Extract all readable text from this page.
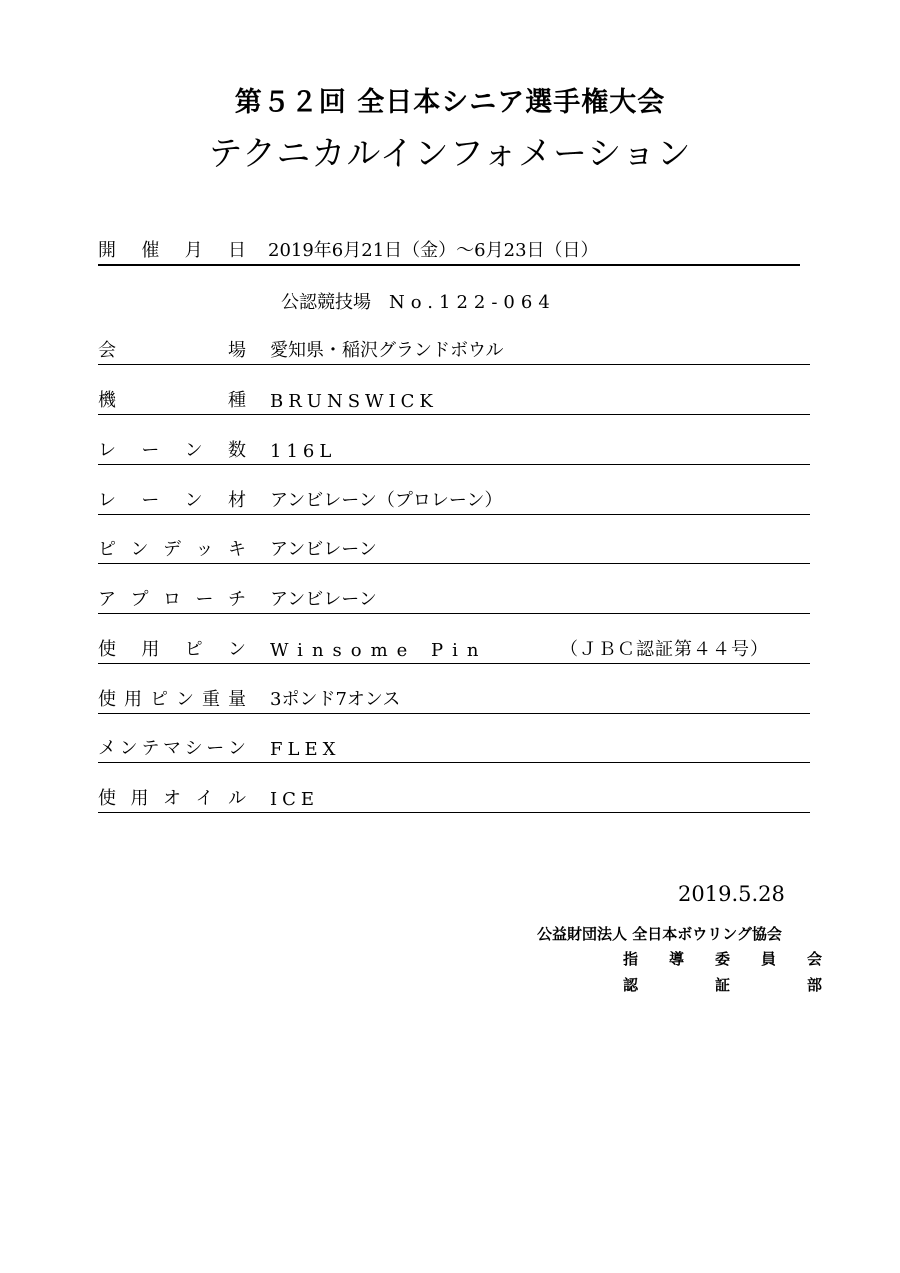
第５２回 全日本シニア選手権大会
テクニカルインフォメーション
開 催 月 日 2019年6月21日（金）～6月23日（日）
公認競技場 No.122-064
会	場 愛知県・稲沢グランドボウル
機	種 BRUNSWICK
レ ー ン 数 116L
レ ー ン 材 アンビレーン（プロレーン）
ピ ン デ ッ キ アンビレーン
ア プ ロ ー チ アンビレーン
使 用 ピ ン Winsome Pin	（ＪＢＣ認証第４４号）
使 用 ピ ン 重 量 3ポンド7オンス
メ ン テ マ シ ー ン FLEX
使 用 オ イ ル ICE
2019.5.28
公益財団法人 全日本ボウリング協会
指 導 委 員 会
認	証	部
